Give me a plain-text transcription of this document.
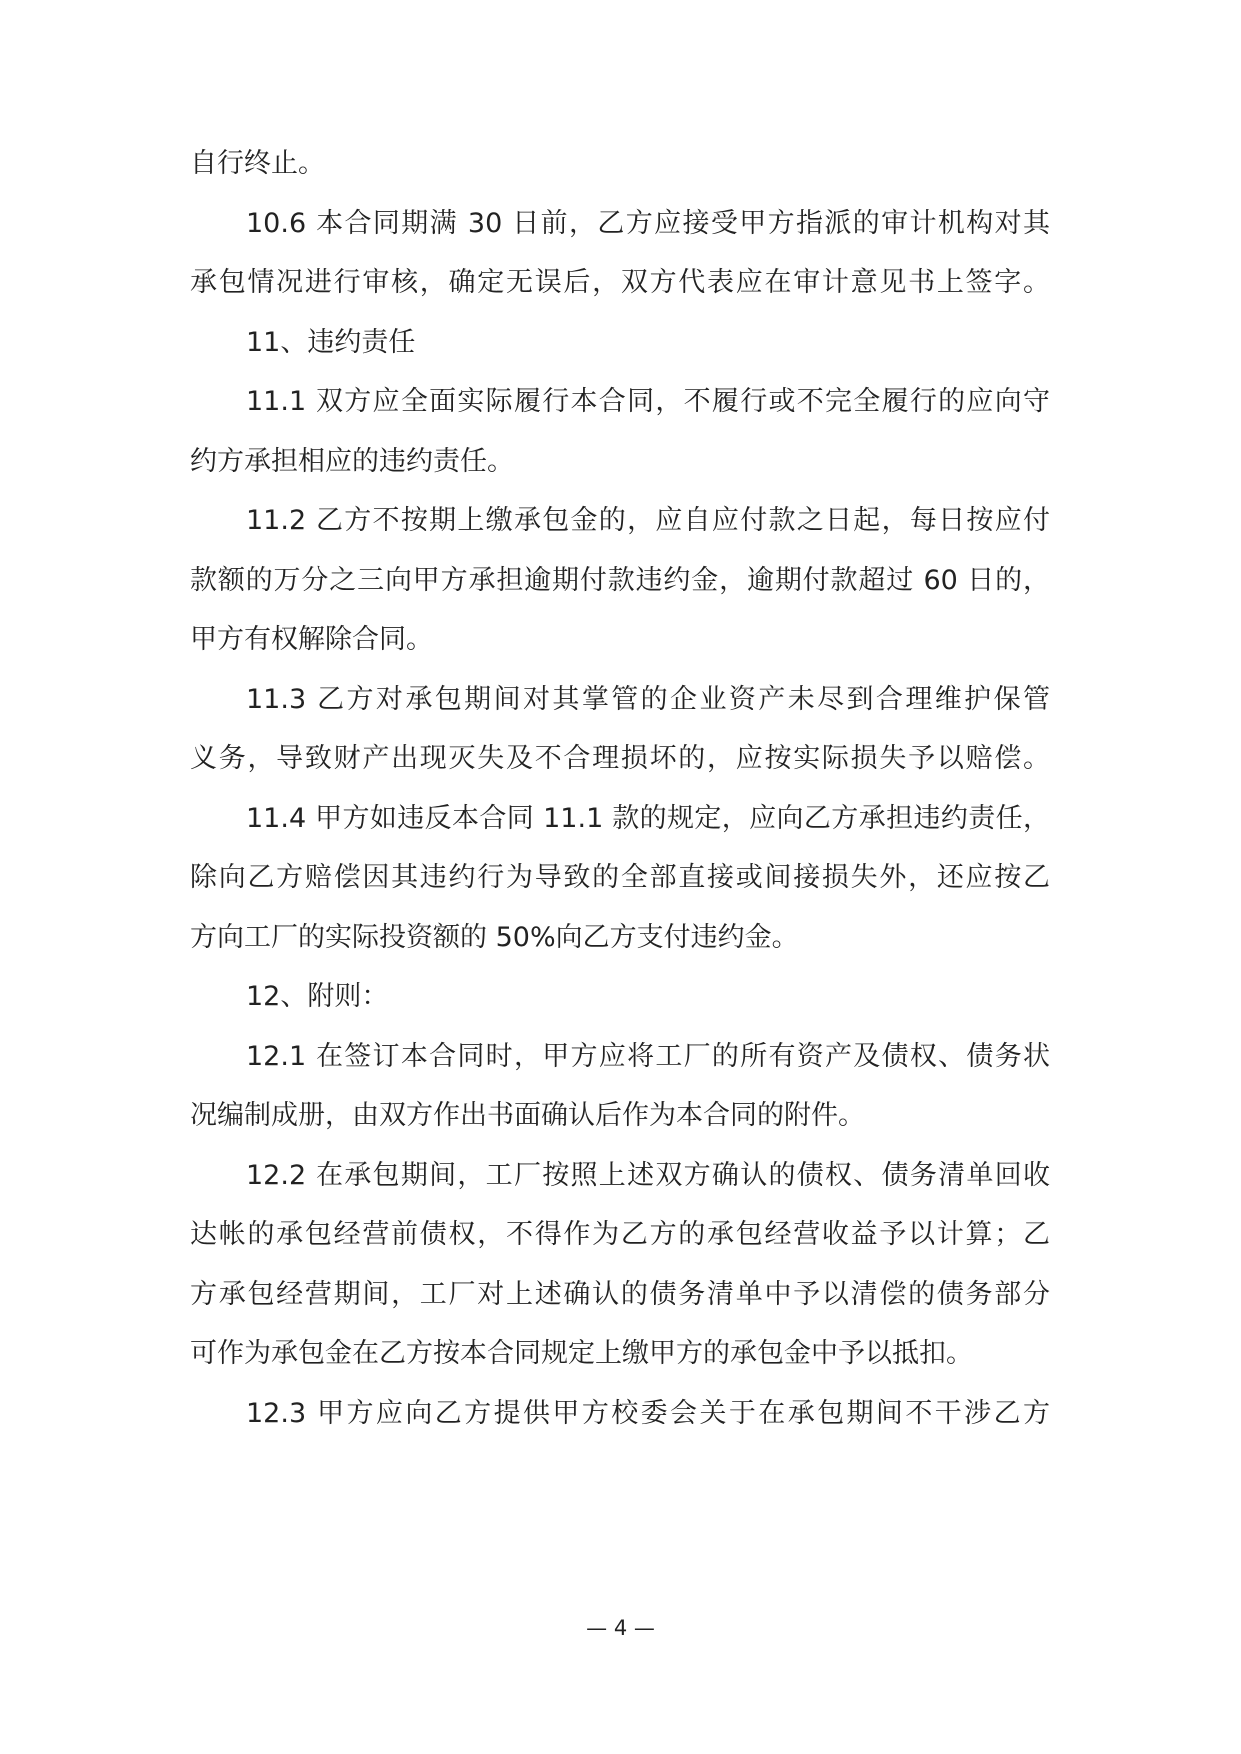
自行终止。
10.6 本合同期满 30 日前，乙方应接受甲方指派的审计机构对其
承包情况进行审核，确定无误后，双方代表应在审计意见书上签字。
11、违约责任
11.1 双方应全面实际履行本合同，不履行或不完全履行的应向守
约方承担相应的违约责任。
11.2 乙方不按期上缴承包金的，应自应付款之日起，每日按应付
款额的万分之三向甲方承担逾期付款违约金，逾期付款超过 60 日的，
甲方有权解除合同。
11.3 乙方对承包期间对其掌管的企业资产未尽到合理维护保管
义务，导致财产出现灭失及不合理损坏的，应按实际损失予以赔偿。
11.4 甲方如违反本合同 11.1 款的规定，应向乙方承担违约责任，
除向乙方赔偿因其违约行为导致的全部直接或间接损失外，还应按乙
方向工厂的实际投资额的 50%向乙方支付违约金。
12、附则：
12.1 在签订本合同时，甲方应将工厂的所有资产及债权、债务状
况编制成册，由双方作出书面确认后作为本合同的附件。
12.2 在承包期间，工厂按照上述双方确认的债权、债务清单回收
达帐的承包经营前债权，不得作为乙方的承包经营收益予以计算；乙
方承包经营期间，工厂对上述确认的债务清单中予以清偿的债务部分
可作为承包金在乙方按本合同规定上缴甲方的承包金中予以抵扣。
12.3 甲方应向乙方提供甲方校委会关于在承包期间不干涉乙方
— 4 —
